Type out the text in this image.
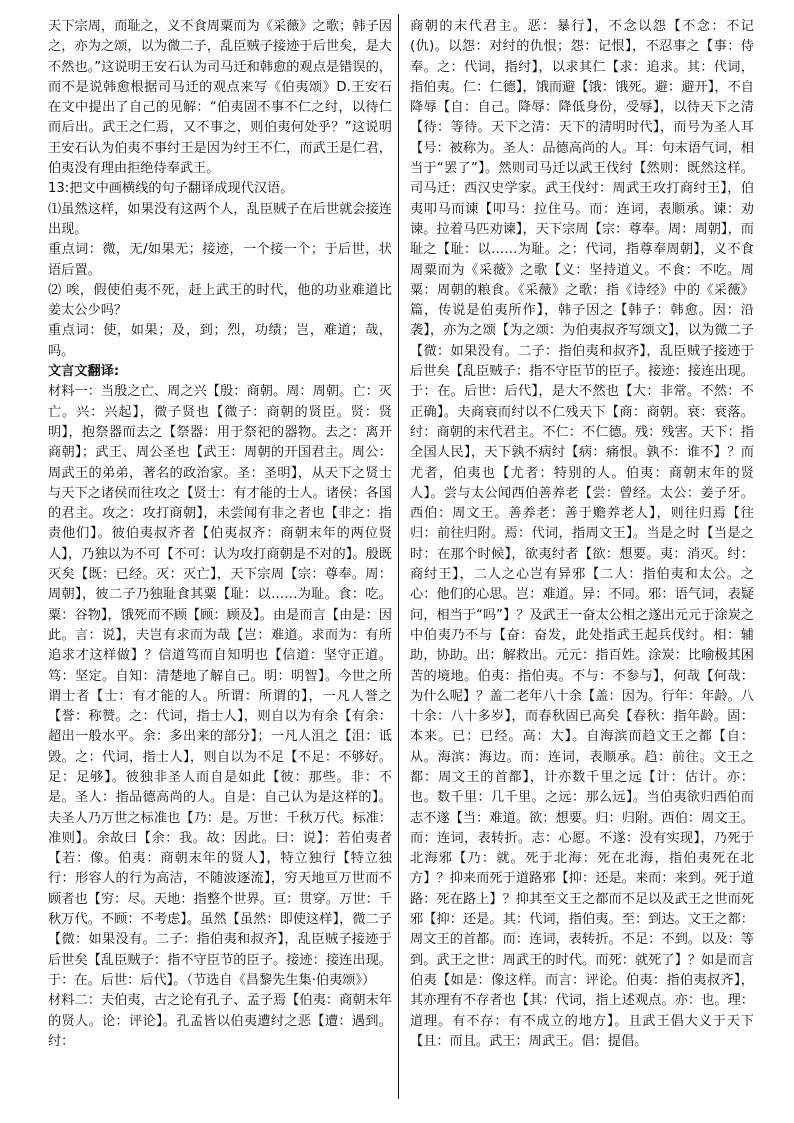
天下宗周，而耻之，义不食周粟而为《采薇》之歌；韩子因之，亦为之颂，以为微二子，乱臣贼子接迹于后世矣，是大不然也。”这说明王安石认为司马迁和韩愈的观点是错误的，而不是说韩愈根据司马迁的观点来写《伯夷颂》D.王安石在文中提出了自己的见解：“伯夷固不事不仁之纣，以待仁而后出。武王之仁焉，又不事之，则伯夷何处乎？”这说明王安石认为伯夷不事纣王是因为纣王不仁，而武王是仁君，伯夷没有理由拒绝侍奉武王。

13:把文中画横线的句子翻译成现代汉语。

⑴虽然这样，如果没有这两个人，乱臣贼子在后世就会接连出现。

重点词：微，无/如果无；接迹，一个接一个；于后世，状语后置。

⑵ 唉，假使伯夷不死，赶上武王的时代，他的功业难道比姜太公少吗？

重点词：使，如果；及，到；烈，功绩；岂，难道；哉，吗。

文言文翻译:

材料一：当殷之亡、周之兴【殷：商朝。周：周朝。亡：灭亡。兴：兴起】，微子贤也【微子：商朝的贤臣。贤：贤明】，抱祭器而去之【祭器：用于祭祀的器物。去之：离开商朝】；武王、周公圣也【武王：周朝的开国君主。周公：周武王的弟弟，著名的政治家。圣：圣明】，从天下之贤士与天下之诸侯而往攻之【贤士：有才能的士人。诸侯：各国的君主。攻之：攻打商朝】，未尝闻有非之者也【非之：指责他们】。彼伯夷叔齐者【伯夷叔齐：商朝末年的两位贤人】，乃独以为不可【不可：认为攻打商朝是不对的】。殷既灭矣【既：已经。灭：灭亡】，天下宗周【宗：尊奉。周：周朝】，彼二子乃独耻食其粟【耻：以……为耻。食：吃。粟：谷物】，饿死而不顾【顾：顾及】。由是而言【由是：因此。言：说】，夫岂有求而为哉【岂：难道。求而为：有所追求才这样做】？信道笃而自知明也【信道：坚守正道。笃：坚定。自知：清楚地了解自己。明：明智】。今世之所谓士者【士：有才能的人。所谓：所谓的】，一凡人誉之【誉：称赞。之：代词，指士人】，则自以为有余【有余：超出一般水平。余：多出来的部分】；一凡人沮之【沮：诋毁。之：代词，指士人】，则自以为不足【不足：不够好。足：足够】。彼独非圣人而自是如此【彼：那些。非：不是。圣人：指品德高尚的人。自是：自己认为是这样的】。夫圣人乃万世之标准也【乃：是。万世：千秋万代。标准：准则】。余故曰【余：我。故：因此。曰：说】：若伯夷者【若：像。伯夷：商朝末年的贤人】，特立独行【特立独行：形容人的行为高洁，不随波逐流】，穷天地亘万世而不顾者也【穷：尽。天地：指整个世界。亘：贯穿。万世：千秋万代。不顾：不考虑】。虽然【虽然：即使这样】，微二子【微：如果没有。二子：指伯夷和叔齐】，乱臣贼子接迹于后世矣【乱臣贼子：指不守臣节的臣子。接迹：接连出现。于：在。后世：后代】。（节选自《昌黎先生集·伯夷颂》）

材料二：夫伯夷，古之论有孔子、孟子焉【伯夷：商朝末年的贤人。论：评论】。孔孟皆以伯夷遭纣之恶【遭：遇到。纣：

商朝的末代君主。恶：暴行】，不念以怨【不念：不记(仇)。以怨：对纣的仇恨；怨：记恨】，不忍事之【事：侍奉。之：代词，指纣】，以求其仁【求：追求。其：代词，指伯夷。仁：仁德】，饿而避【饿：饿死。避：避开】，不自降辱【自：自己。降辱：降低身份，受辱】，以待天下之清【待：等待。天下之清：天下的清明时代】，而号为圣人耳【号：被称为。圣人：品德高尚的人。耳：句末语气词，相当于“罢了”】。然则司马迁以武王伐纣【然则：既然这样。司马迁：西汉史学家。武王伐纣：周武王攻打商纣王】，伯夷叩马而谏【叩马：拉住马。而：连词，表顺承。谏：劝谏。拉着马匹劝谏】，天下宗周【宗：尊奉。周：周朝】，而耻之【耻：以……为耻。之：代词，指尊奉周朝】，义不食周粟而为《采薇》之歌【义：坚持道义。不食：不吃。周粟：周朝的粮食。《采薇》之歌：指《诗经》中的《采薇》篇，传说是伯夷所作】，韩子因之【韩子：韩愈。因：沿袭】，亦为之颂【为之颂：为伯夷叔齐写颂文】，以为微二子【微：如果没有。二子：指伯夷和叔齐】，乱臣贼子接迹于后世矣【乱臣贼子：指不守臣节的臣子。接迹：接连出现。于：在。后世：后代】，是大不然也【大：非常。不然：不正确】。夫商衰而纣以不仁残天下【商：商朝。衰：衰落。纣：商朝的末代君主。不仁：不仁德。残：残害。天下：指全国人民】，天下孰不病纣【病：痛恨。孰不：谁不】？而尤者，伯夷也【尤者：特别的人。伯夷：商朝末年的贤人】。尝与太公闻西伯善养老【尝：曾经。太公：姜子牙。西伯：周文王。善养老：善于赡养老人】，则往归焉【往归：前往归附。焉：代词，指周文王】。当是之时【当是之时：在那个时候】，欲夷纣者【欲：想要。夷：消灭。纣：商纣王】，二人之心岂有异邪【二人：指伯夷和太公。之心：他们的心思。岂：难道。异：不同。邪：语气词，表疑问，相当于“吗”】？及武王一奋太公相之遂出元元于涂炭之中伯夷乃不与【奋：奋发，此处指武王起兵伐纣。相：辅助，协助。出：解救出。元元：指百姓。涂炭：比喻极其困苦的境地。伯夷：指伯夷。不与：不参与】，何哉【何哉：为什么呢】？盖二老年八十余【盖：因为。行年：年龄。八十余：八十多岁】，而春秋固已高矣【春秋：指年龄。固：本来。已：已经。高：大】。自海滨而趋文王之都【自：从。海滨：海边。而：连词，表顺承。趋：前往。文王之都：周文王的首都】，计亦数千里之远【计：估计。亦：也。数千里：几千里。之远：那么远】。当伯夷欲归西伯而志不遂【当：难道。欲：想要。归：归附。西伯：周文王。而：连词，表转折。志：心愿。不遂：没有实现】，乃死于北海邪【乃：就。死于北海：死在北海，指伯夷死在北方】？抑来而死于道路邪【抑：还是。来而：来到。死于道路：死在路上】？抑其至文王之都而不足以及武王之世而死邪【抑：还是。其：代词，指伯夷。至：到达。文王之都：周文王的首都。而：连词，表转折。不足：不到。以及：等到。武王之世：周武王的时代。而死：就死了】？如是而言伯夷【如是：像这样。而言：评论。伯夷：指伯夷叔齐】，其亦理有不存者也【其：代词，指上述观点。亦：也。理：道理。有不存：有不成立的地方】。且武王倡大义于天下【且：而且。武王：周武王。倡：提倡。
